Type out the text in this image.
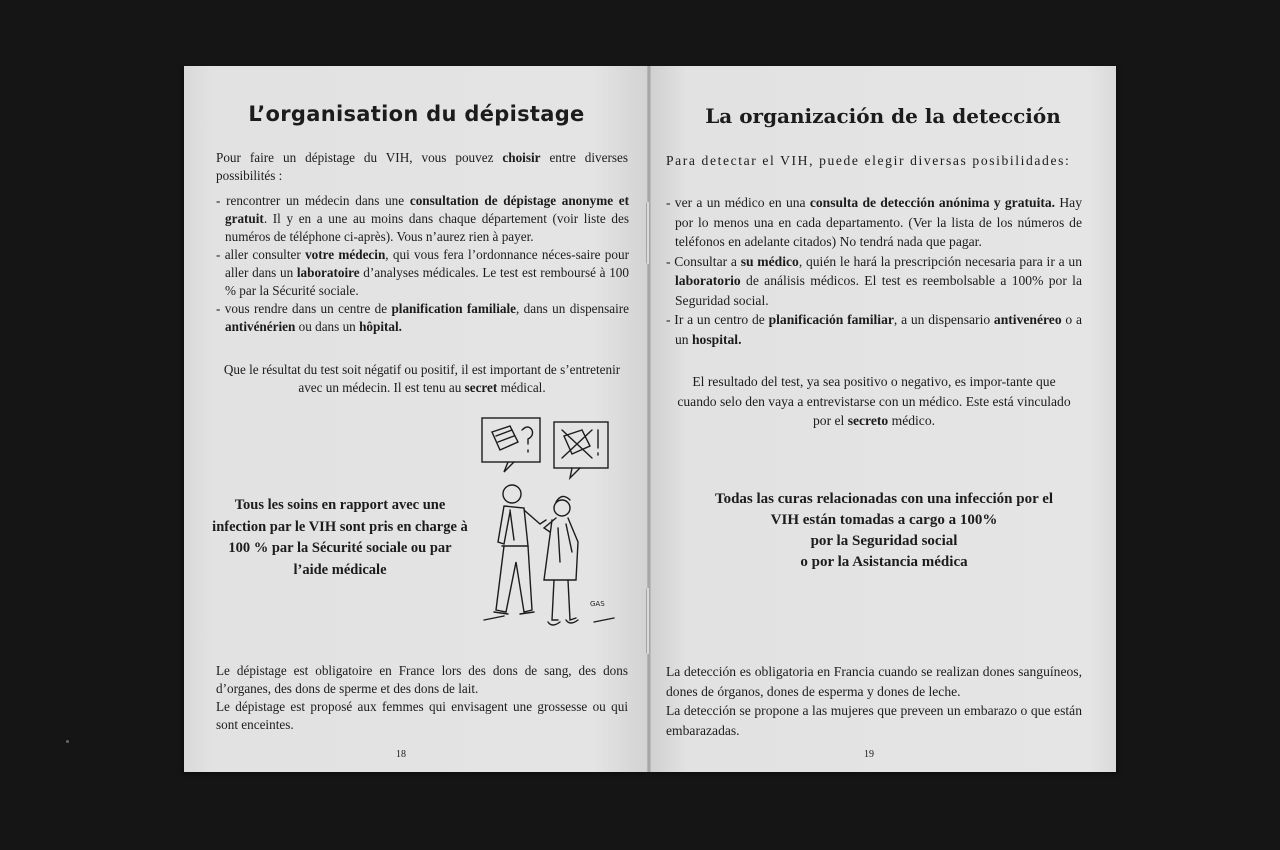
L’organisation du dépistage
Pour faire un dépistage du VIH, vous pouvez choisir entre diverses possibilités :
- rencontrer un médecin dans une consultation de dépistage anonyme et gratuit. Il y en a une au moins dans chaque département (voir liste des numéros de téléphone ci-après). Vous n’aurez rien à payer.
- aller consulter votre médecin, qui vous fera l’ordonnance néces-saire pour aller dans un laboratoire d’analyses médicales. Le test est remboursé à 100 % par la Sécurité sociale.
- vous rendre dans un centre de planification familiale, dans un dispensaire antivénérien ou dans un hôpital.
Que le résultat du test soit négatif ou positif, il est important de s’entretenir avec un médecin. Il est tenu au secret médical.
Tous les soins en rapport avec une infection par le VIH sont pris en charge à 100 % par la Sécurité sociale ou par l’aide médicale
GAS
Le dépistage est obligatoire en France lors des dons de sang, des dons d’organes, des dons de sperme et des dons de lait.
Le dépistage est proposé aux femmes qui envisagent une grossesse ou qui sont enceintes.
18
La organización de la detección
Para detectar el VIH, puede elegir diversas posibilidades:
- ver a un médico en una consulta de detección anónima y gratuita. Hay por lo menos una en cada departamento. (Ver la lista de los números de teléfonos en adelante citados) No tendrá nada que pagar.
- Consultar a su médico, quién le hará la prescripción necesaria para ir a un laboratorio de análisis médicos. El test es reembolsable a 100% por la Seguridad social.
- Ir a un centro de planificación familiar, a un dispensario antivenéreo o a un hospital.
El resultado del test, ya sea positivo o negativo, es impor-tante que cuando selo den vaya a entrevistarse con un médico. Este está vinculado por el secreto médico.
Todas las curas relacionadas con una infección por el
VIH están tomadas a cargo a 100%
por la Seguridad social
o por la Asistancia médica
La detección es obligatoria en Francia cuando se realizan dones sanguíneos, dones de órganos, dones de esperma y dones de leche.
La detección se propone a las mujeres que preveen un embarazo o que están embarazadas.
19
